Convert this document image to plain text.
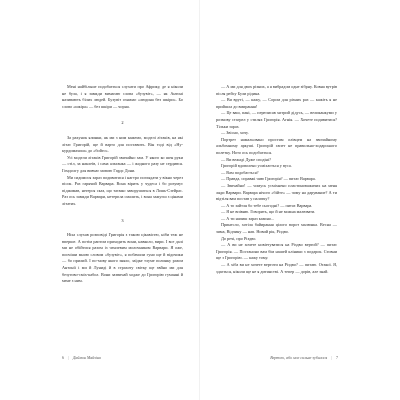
Мені найбільше подобається слухати про Африку, де я ніколи не була, і я завжди вимагаю слова «бузувіт», — як Антоні називають білих людей. Бузувіт означає «людина без шкіри». Бо слово «шкіра» — без шкіри — чорна.

2

За рахунок ялинки, як ми з ним кажемо, моделі літаків, на які літає Григорій, ще й варто для поставить. Він тоді від «Ну-курдимахиш» до «бойго».

Усі модели літаків Григорій звичайно зам. У якого ко шен руки — стіл, за наклеїв, і сама альтанка — і жодного разу не сердився. Гомдолгу для вивчає мовою Гардс Дони.

Ми сидимося зараз подивитися і нагтро поглядати у вікно через пісок. Раз гарячий Варвара. Вона вірить у чудеса і бо розумує піджимав, негерся сказ, що таємко заворушаться в Лошь-Сзейрас. Раз ось завжди Варвари, нетерпла смалить, і вона зажуєш з цінами літатих.

3

Ніха слухав розповіді Григорія з такою цікавістю, ніби теж не вперше. А потім раптом приходить вони, навколо, вири. І все далі ми не обійтися разом із ченлевим молочником Варвари. Я оже, поочіши мною словом «бузувіт», я побачили гуно ще й відочики — бо прилий. І по-мову якого зняло, заїдке тлуме полинку разом Антонії і ми й Луниді й в страхоту світку ще звйно ми для безугово-сміх-кабол. Вони зазвичай ходже до Григорію гуманні й мене з ним.

6 | Даймон Мяйзіна	Вертою, або моє сильне зубилося | 7

— А ми для двох різних, а я вибрадом одне зібрну. Ковна вутрів після рейсу Були рідина.

— Ви вруті, — кажу, — Сором для різних раз — кажіть я не прийшла до вмирання!

— Це ваш, пані, — переписав хитрий дідусь, — великанкуми у розмову стагрел у стилях Григорія. Агнія. — Хочете подивитися? Тільки зараз.

— Звісно, хочу.

Портрет намальовано простим олівцем на звичайному альбомному аркуші. Григорій гапет не правильно-ходарського полетку. Ното ось подобається.

— Ви вежаді Дуже сподіні?

Григорій вдоволено усміхається у вуса.

— Вам подобається?

— Правда, справжі чию Григорія? — питає Варвара.

— Звичайно! — чомусь усміхнено пластиноважичих на меня ляди Варвари. Варвара нічого «бійте» — чому на дарувание? А ти відтіля вам постав у палатку?

— А то зайтля бо тебе сьогодні? — питає Варвара.

— Я не впівню. Говорить, що й не можна малювати.

— А ти напиш зараз казино...

Принесло, хотіла байирання цілого ворот малюнка. Весна — зима, Відчину — нап. Новий рік, Різдво.

До речі, про Різдво.

— А ви не хочете новіетуватися на Різдво вертой? — питає Григорія. — Постаноно вам бім нашей кліники з подарок. Стовни ще з Григорію. — кажу тому.

— А хіба ви не хочете вертоти на Різдво? — питаю. Отакої. Я, здається, ніколи ще не я дитинстві. А тепер — дорів, але знай.
